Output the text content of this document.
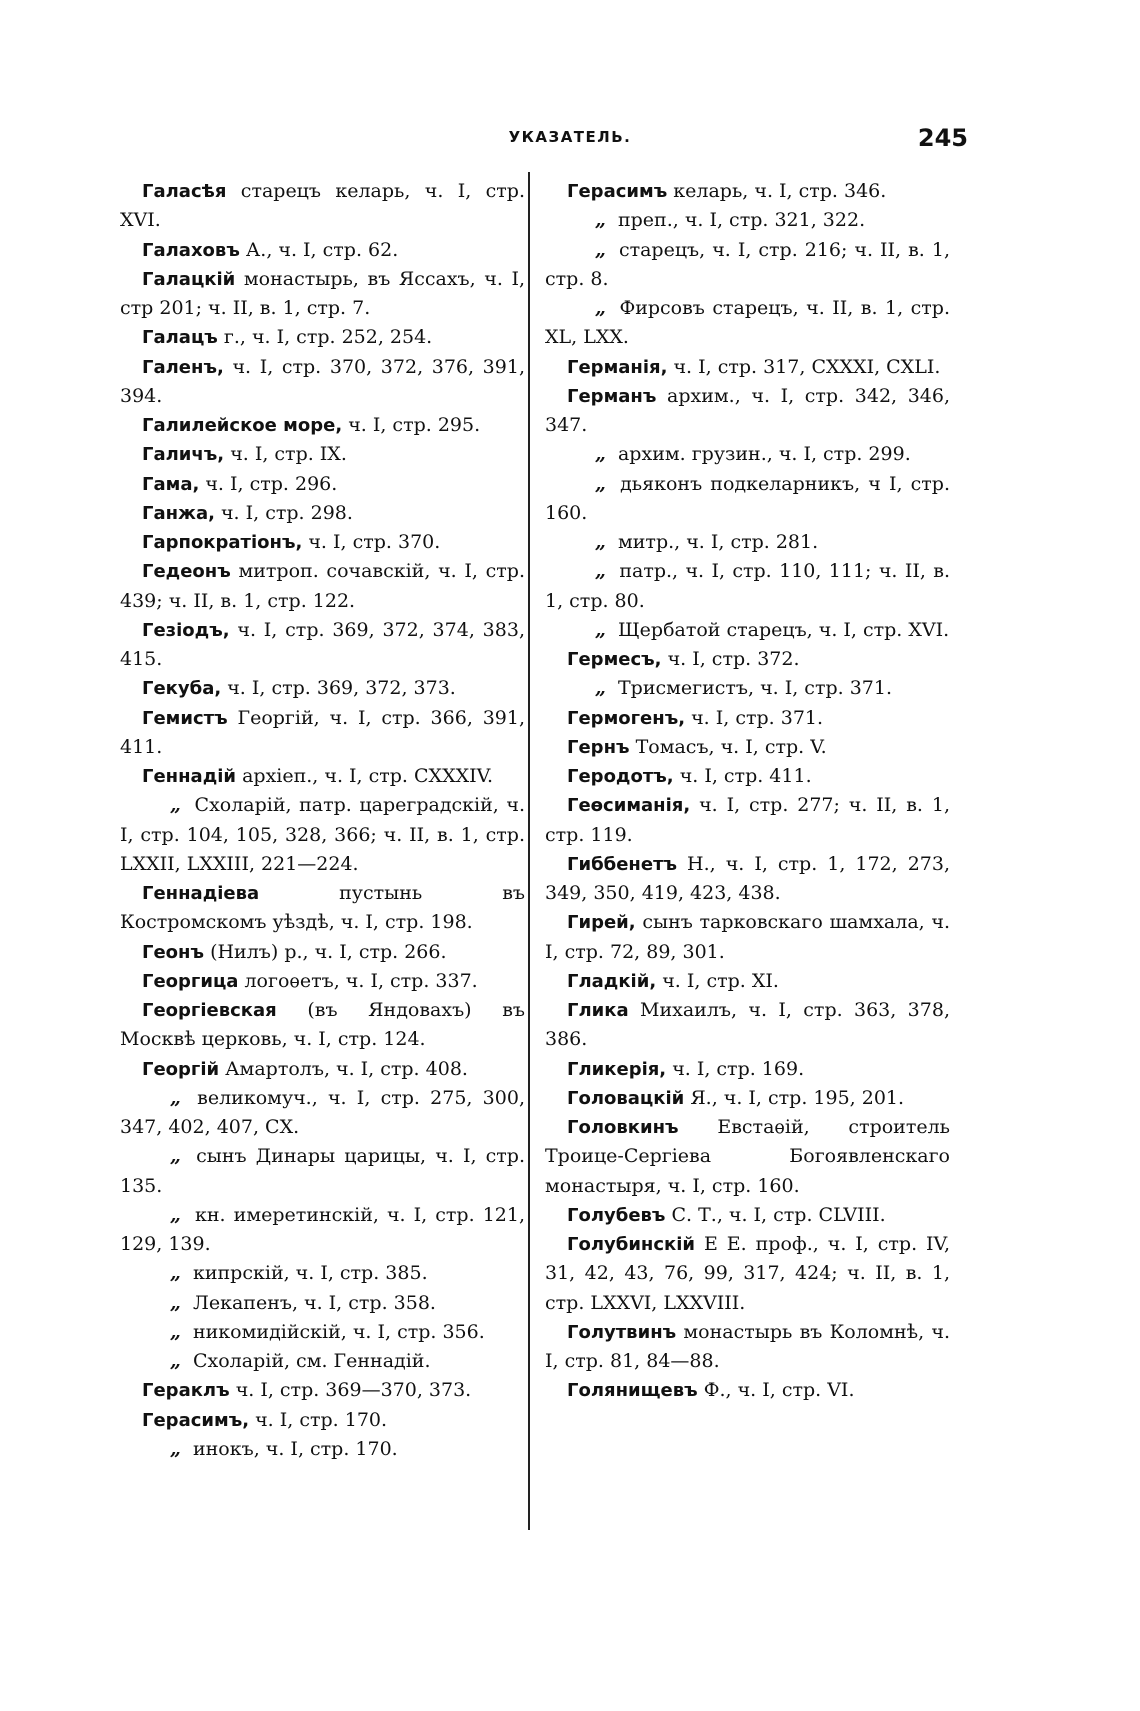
УКАЗАТЕЛЬ.	245

Галасѣя старецъ келарь, ч. I, стр. XVI.

Галаховъ А., ч. I, стр. 62.

Галацкій монастырь, въ Яссахъ, ч. I, стр 201; ч. II, в. 1, стр. 7.

Галацъ г., ч. I, стр. 252, 254.

Галенъ, ч. I, стр. 370, 372, 376, 391, 394.

Галилейское море, ч. I, стр. 295.

Галичъ, ч. I, стр. IX.

Гама, ч. I, стр. 296.

Ганжа, ч. I, стр. 298.

Гарпократіонъ, ч. I, стр. 370.

Гедеонъ митроп. сочавскій, ч. I, стр. 439; ч. II, в. 1, стр. 122.

Гезіодъ, ч. I, стр. 369, 372, 374, 383, 415.

Гекуба, ч. I, стр. 369, 372, 373.

Гемистъ Георгій, ч. I, стр. 366, 391, 411.

Геннадій архіеп., ч. I, стр. CXXXIV.

„ Схоларій, патр. цареградскій, ч. I, стр. 104, 105, 328, 366; ч. II, в. 1, стр. LXXII, LXXIII, 221—224.

Геннадіева	пустынь въ Костромскомъ уѣздѣ, ч. I, стр. 198.

Геонъ (Нилъ) р., ч. I, стр. 266.

Георгица логоѳетъ, ч. I, стр. 337.

Георгіевская (въ Яндовахъ) въ Москвѣ церковь, ч. I, стр. 124.

Георгій Амартолъ, ч. I, стр. 408.

„ великомуч., ч. I, стр. 275, 300, 347, 402, 407, CX.

„ сынъ Динары царицы, ч. I, стр. 135.

„ кн. имеретинскій, ч. I, стр. 121, 129, 139.

„ кипрскій, ч. I, стр. 385.

„ Лекапенъ, ч. I, стр. 358.

„ никомидійскій, ч. I, стр. 356.

„ Схоларій, см. Геннадій.

Гераклъ ч. I, стр. 369—370, 373.

Герасимъ, ч. I, стр. 170.

„ инокъ, ч. I, стр. 170.

Герасимъ келарь, ч. I, стр. 346.

„ преп., ч. I, стр. 321, 322.

„ старецъ, ч. I, стр. 216; ч. II, в. 1, стр. 8.

„ Фирсовъ старецъ, ч. II, в. 1, стр. XL, LXX.

Германія, ч. I, стр. 317, CXXXI, CXLI.

Германъ архим., ч. I, стр. 342, 346, 347.

„ архим. грузин., ч. I, стр. 299.

„ дьяконъ подкеларникъ, ч I, стр. 160.

„ митр., ч. I, стр. 281.

„ патр., ч. I, стр. 110, 111; ч. II, в. 1, стр. 80.

„ Щербатой старецъ, ч. I, стр. XVI.

Гермесъ, ч. I, стр. 372.

„ Трисмегистъ, ч. I, стр. 371.

Гермогенъ, ч. I, стр. 371.

Гернъ Томасъ, ч. I, стр. V.

Геродотъ, ч. I, стр. 411.

Геѳсиманія, ч. I, стр. 277; ч. II, в. 1, стр. 119.

Гиббенетъ Н., ч. I, стр. 1, 172, 273, 349, 350, 419, 423, 438.

Гирей, сынъ тарковскаго шамхала, ч. I, стр. 72, 89, 301.

Гладкій, ч. I, стр. XI.

Глика Михаилъ, ч. I, стр. 363, 378, 386.

Гликерія, ч. I, стр. 169.

Головацкій Я., ч. I, стр. 195, 201.

Головкинъ Евстаѳій, строитель Троице-Сергіева Богоявленскаго монастыря, ч. I, стр. 160.

Голубевъ С. Т., ч. I, стр. CLVIII.

Голубинскій Е Е. проф., ч. I, стр. IV, 31, 42, 43, 76, 99, 317, 424; ч. II, в. 1, стр. LXXVI, LXXVIII.

Голутвинъ монастырь въ Коломнѣ, ч. I, стр. 81, 84—88.

Голянищевъ Ф., ч. I, стр. VI.
